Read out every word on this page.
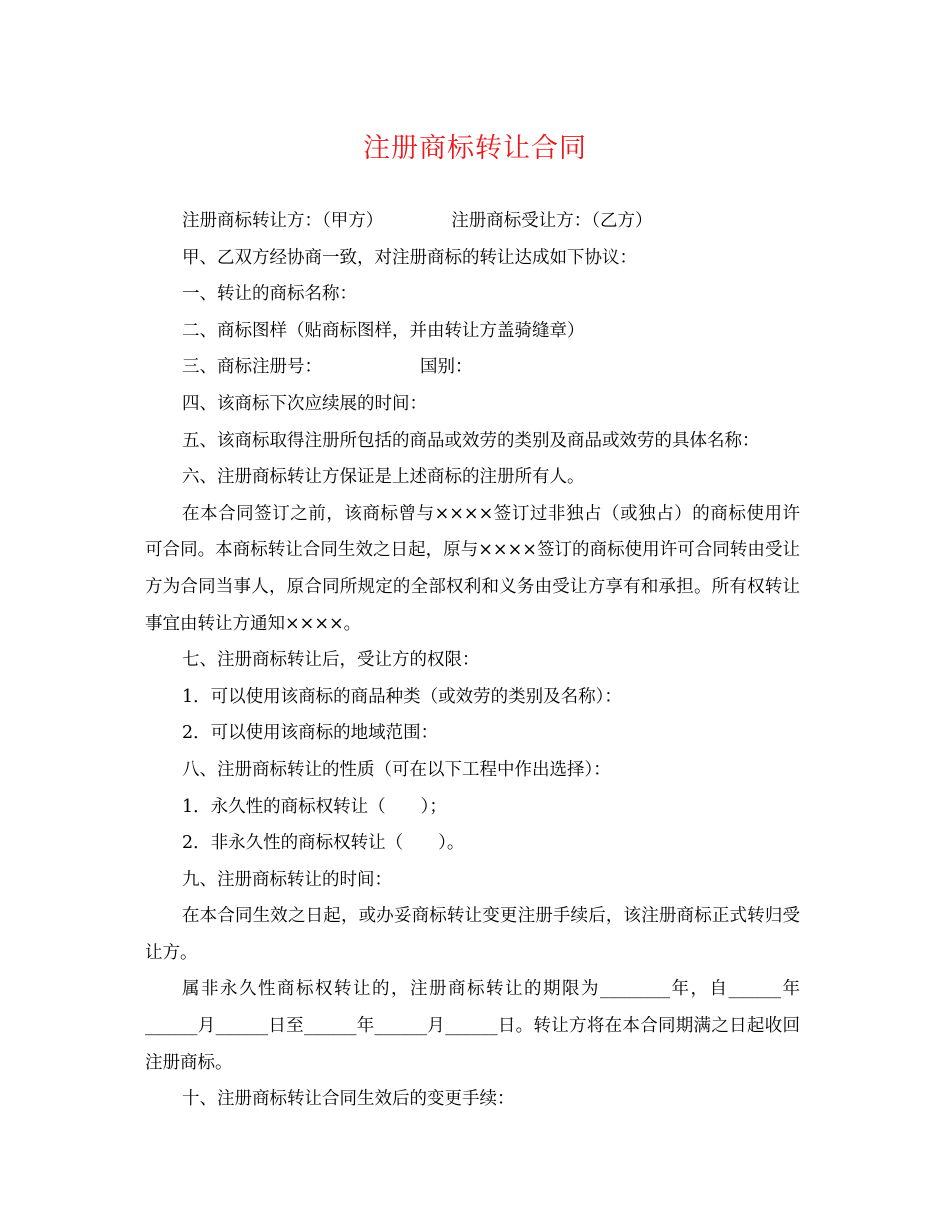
注册商标转让合同

注册商标转让方：（甲方）	注册商标受让方：（乙方）

甲、乙双方经协商一致，对注册商标的转让达成如下协议：

一、转让的商标名称：

二、商标图样（贴商标图样，并由转让方盖骑缝章）

三、商标注册号：	国别：

四、该商标下次应续展的时间：

五、该商标取得注册所包括的商品或效劳的类别及商品或效劳的具体名称：

六、注册商标转让方保证是上述商标的注册所有人。

在本合同签订之前，该商标曾与××××签订过非独占（或独占）的商标使用许可合同。本商标转让合同生效之日起，原与××××签订的商标使用许可合同转由受让方为合同当事人，原合同所规定的全部权利和义务由受让方享有和承担。所有权转让事宜由转让方通知××××。

七、注册商标转让后，受让方的权限：

1．可以使用该商标的商品种类（或效劳的类别及名称）：

2．可以使用该商标的地域范围：

八、注册商标转让的性质（可在以下工程中作出选择）：

1．永久性的商标权转让（　　）；

2．非永久性的商标权转让（　　）。

九、注册商标转让的时间：

在本合同生效之日起，或办妥商标转让变更注册手续后，该注册商标正式转归受让方。

属非永久性商标权转让的，注册商标转让的期限为________年，自______年______月______日至______年______月______日。转让方将在本合同期满之日起收回注册商标。

十、注册商标转让合同生效后的变更手续：
